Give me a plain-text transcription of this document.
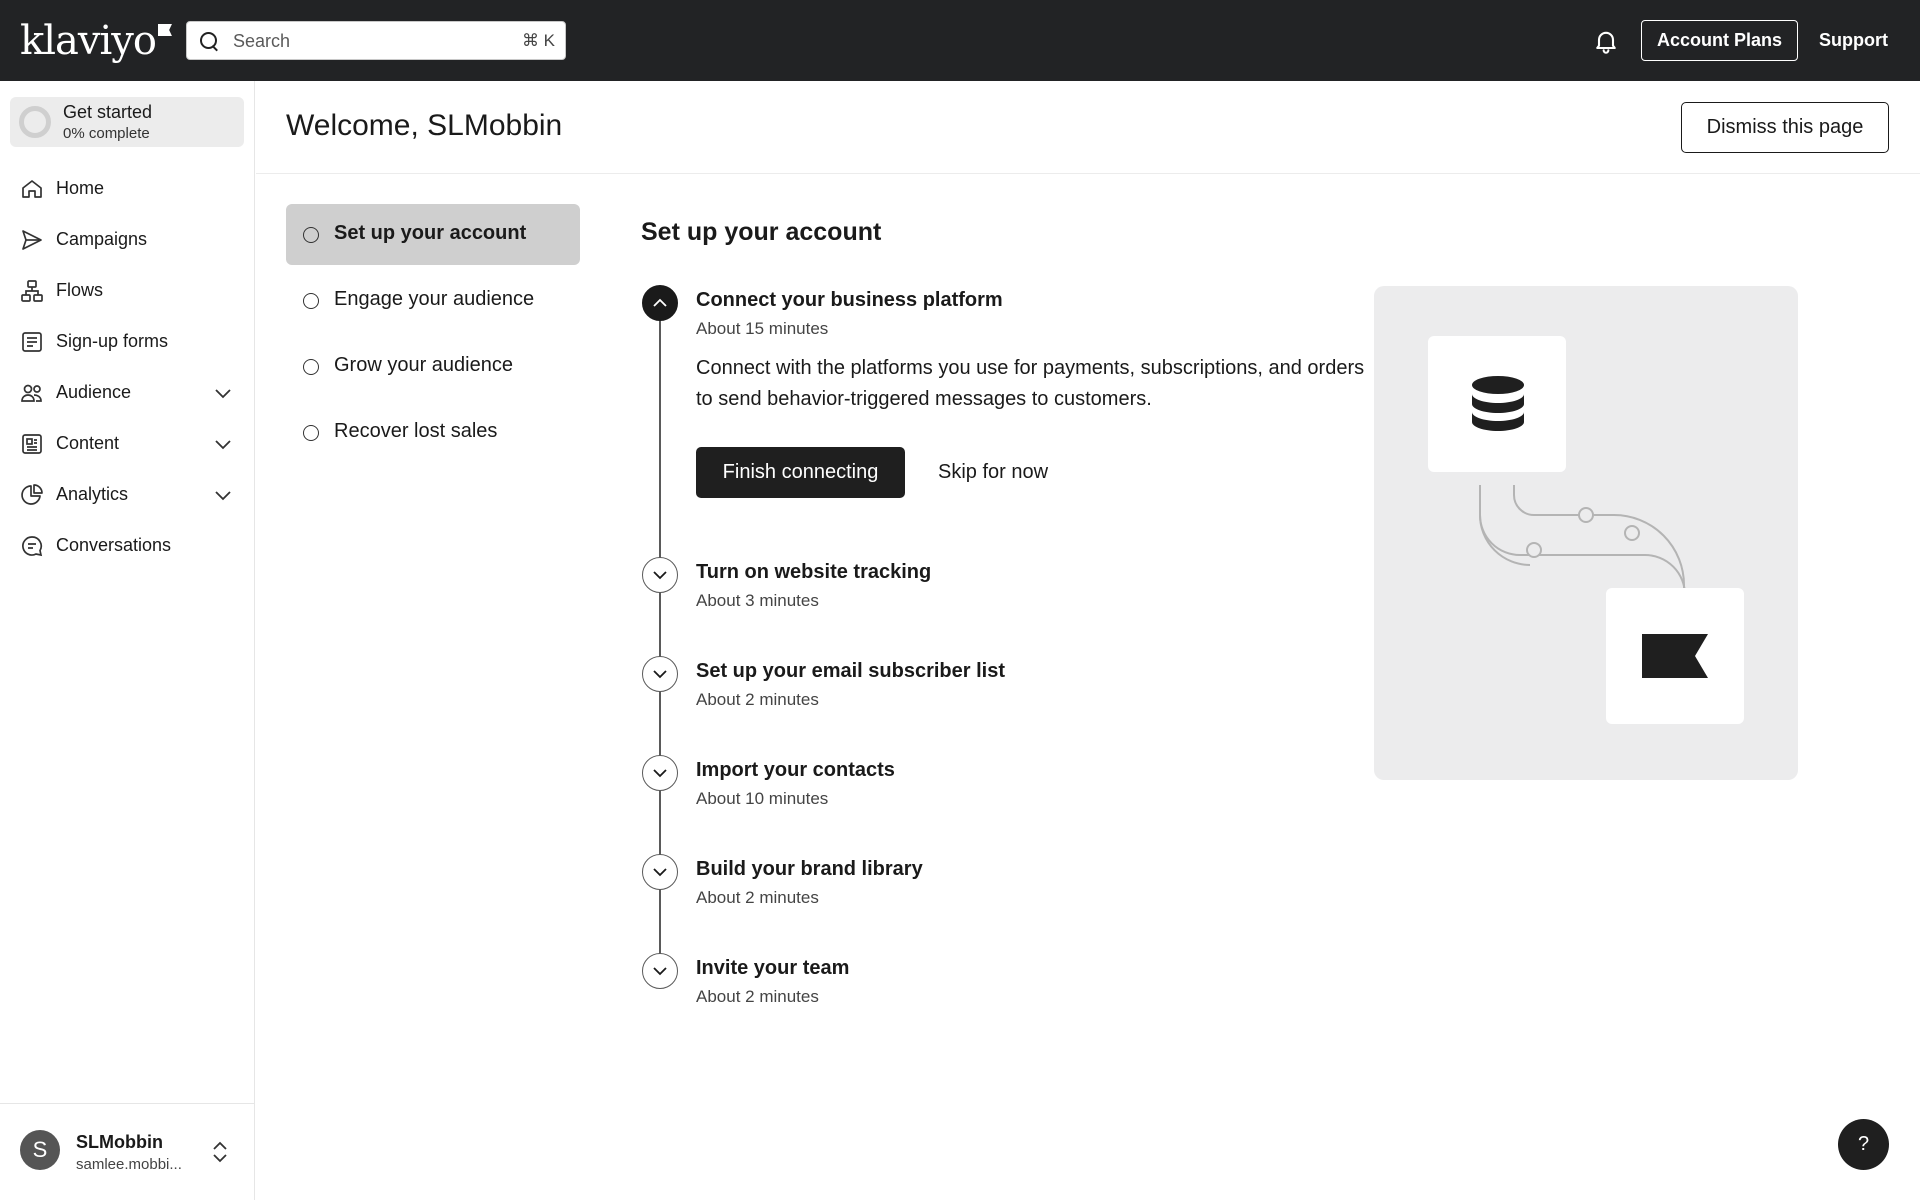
klaviyo	Search	⌘ K	Account Plans	Support
Get started
0% complete
Home
Campaigns
Flows
Sign-up forms
Audience
Content
Analytics
Conversations
S	SLMobbin
samlee.mobbi...
Welcome, SLMobbin	Dismiss this page
Set up your account
Engage your audience
Grow your audience
Recover lost sales
Set up your account
Connect your business platform
About 15 minutes

Connect with the platforms you use for payments, subscriptions, and orders to send behavior-triggered messages to customers.

Finish connecting	Skip for now
Turn on website tracking
About 3 minutes
Set up your email subscriber list
About 2 minutes
Import your contacts
About 10 minutes
Build your brand library
About 2 minutes
Invite your team
About 2 minutes
?
